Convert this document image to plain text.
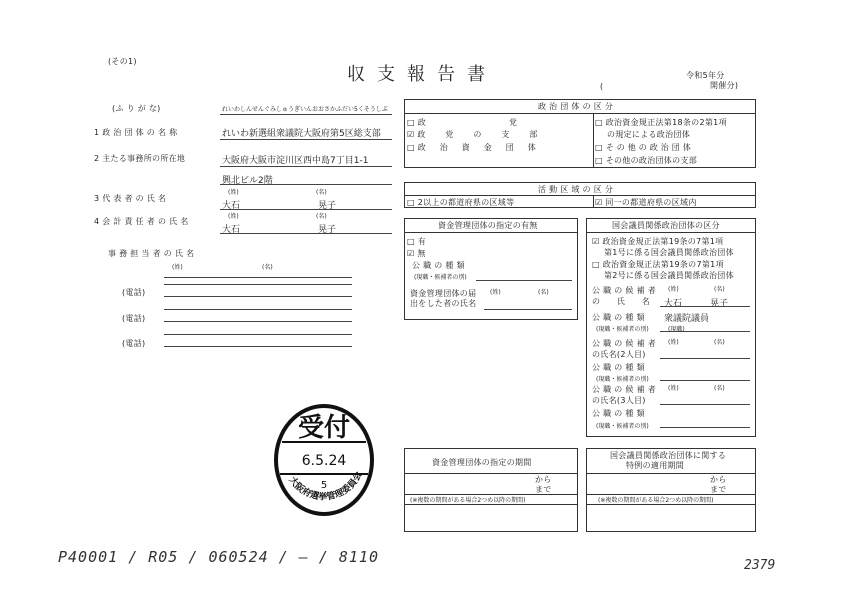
(その1)
収支報告書	令和5年分
(	開催分)
(ふ り が な)	れいわしんせんぐみしゅうぎいんおおさかふだい5くそうしぶ
1 政 治 団 体 の 名 称	れいわ新選組衆議院大阪府第5区総支部
2 主たる事務所の所在地	大阪府大阪市淀川区西中島7丁目1-1
興北ビル2階
3 代 表 者 の 氏 名
(姓)	(名)
大石	晃子
4 会 計 責 任 者 の 氏 名
(姓)	(名)
大石	晃子
事 務 担 当 者 の 氏 名
(姓)	(名)
(電話)
(電話)
(電話)
政 治 団 体 の 区 分
□ 政　　　　　　　　　　党
☑ 政　党　の　支　部
□ 政　治　資　金　団　体
□ 政治資金規正法第18条の2第1項
の規定による政治団体
□ その他の政治団体
□ その他の政治団体の支部
活 動 区 域 の 区 分
□ 2以上の都道府県の区域等	☑ 同一の都道府県の区域内
資金管理団体の指定の有無
□ 有
☑ 無
公 職 の 種 類
(現職・候補者の別)
資金管理団体の届
出をした者の氏名
(姓)	(名)
国会議員関係政治団体の区分
☑ 政治資金規正法第19条の7第1項
第1号に係る国会議員関係政治団体
□ 政治資金規正法第19条の7第1項
第2号に係る国会議員関係政治団体
公 職 の 候 補 者
の　　氏　　名
(姓)	(名)
大石	晃子
公 職 の 種 類 衆議院議員
(現職・候補者の別)	(現職)
公 職 の 候 補 者
の氏名(2人目)
(姓)	(名)
公 職 の 種 類
(現職・候補者の別)
公 職 の 候 補 者
の氏名(3人目)
(姓)	(名)
公 職 の 種 類
(現職・候補者の別)
資金管理団体の指定の期間
から
まで
(※複数の期間がある場合2つめ以降の期間)
国会議員関係政治団体に関する
特例の適用期間
から
まで
(※複数の期間がある場合2つめ以降の期間)
受付
6.5.24
5
大阪府選挙管理委員会
P40001 / R05 / 060524 / ― / 8110	2379
